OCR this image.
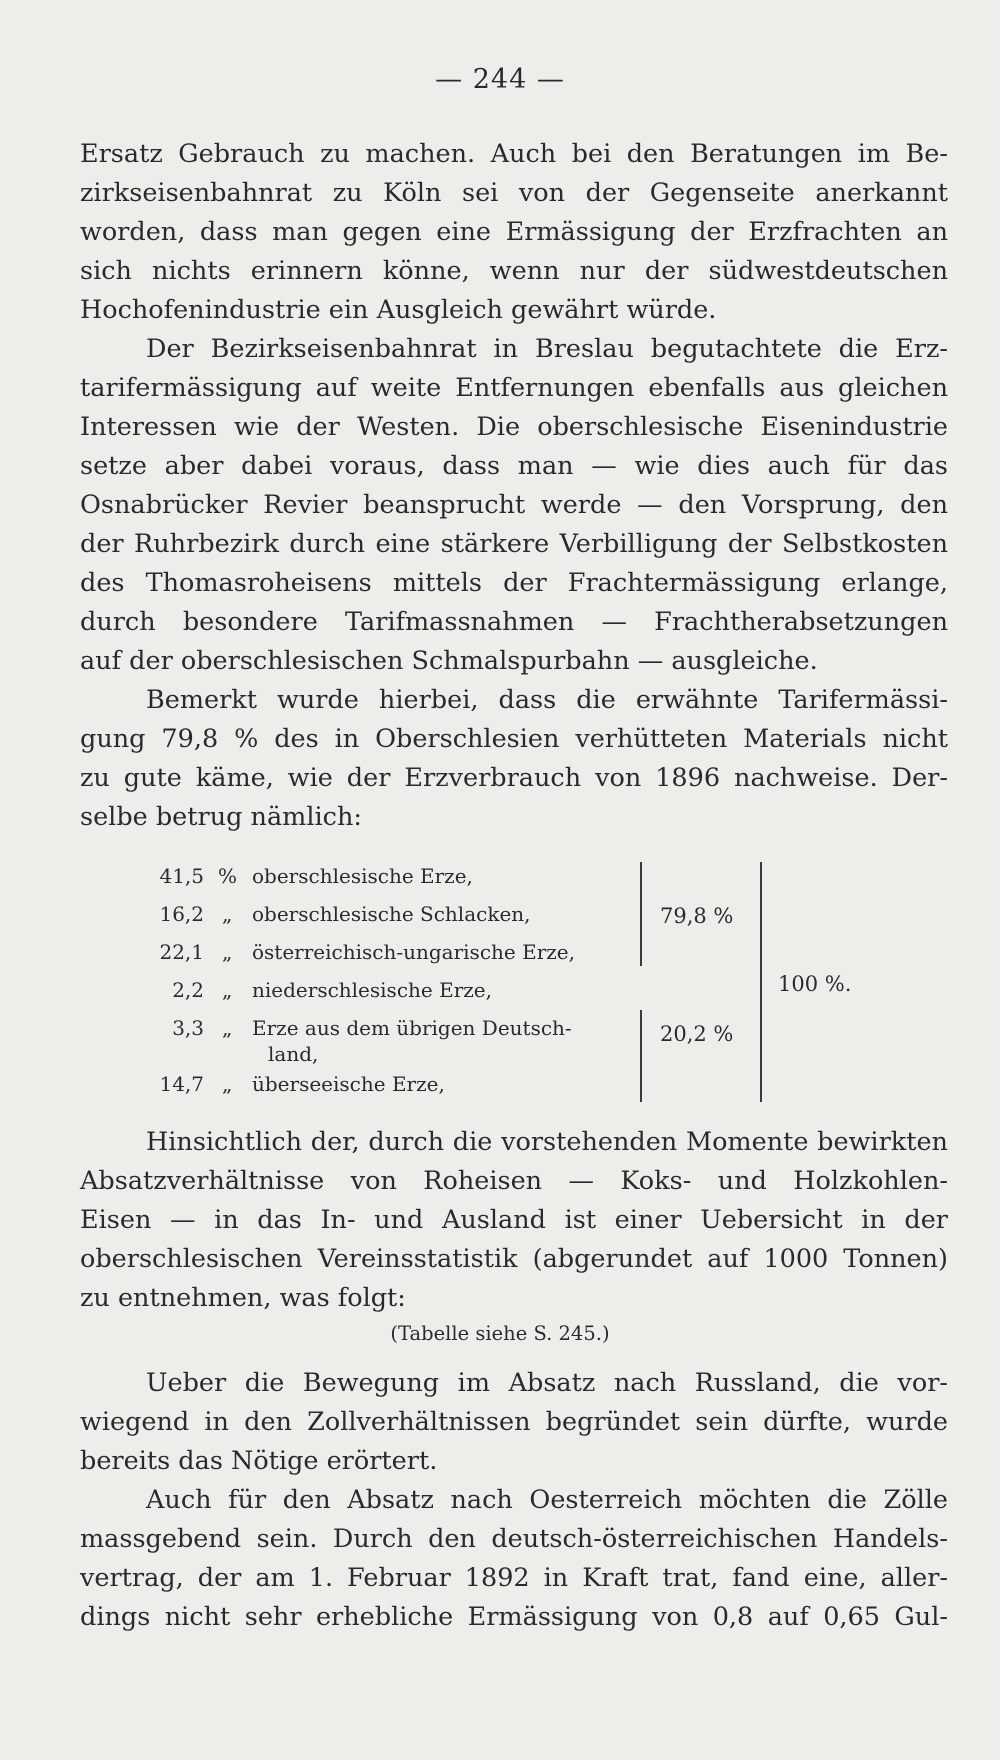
— 244 —
Ersatz Gebrauch zu machen. Auch bei den Beratungen im Be-
zirkseisenbahnrat zu Köln sei von der Gegenseite anerkannt
worden, dass man gegen eine Ermässigung der Erzfrachten an
sich nichts erinnern könne, wenn nur der südwestdeutschen
Hochofenindustrie ein Ausgleich gewährt würde.
Der Bezirkseisenbahnrat in Breslau begutachtete die Erz-
tarifermässigung auf weite Entfernungen ebenfalls aus gleichen
Interessen wie der Westen. Die oberschlesische Eisenindustrie
setze aber dabei voraus, dass man — wie dies auch für das
Osnabrücker Revier beansprucht werde — den Vorsprung, den
der Ruhrbezirk durch eine stärkere Verbilligung der Selbstkosten
des Thomasroheisens mittels der Frachtermässigung erlange,
durch besondere Tarifmassnahmen — Frachtherabsetzungen
auf der oberschlesischen Schmalspurbahn — ausgleiche.
Bemerkt wurde hierbei, dass die erwähnte Tarifermässi-
gung 79,8 % des in Oberschlesien verhütteten Materials nicht
zu gute käme, wie der Erzverbrauch von 1896 nachweise. Der-
selbe betrug nämlich:
41,5 % oberschlesische Erze,
16,2 „ oberschlesische Schlacken,
22,1 „ österreichisch-ungarische Erze,
2,2 „ niederschlesische Erze,
3,3 „ Erze aus dem übrigen Deutsch-
land,
14,7 „ überseeische Erze,
79,8 %
20,2 %
100 %.
Hinsichtlich der, durch die vorstehenden Momente bewirkten
Absatzverhältnisse von Roheisen — Koks- und Holzkohlen-
Eisen — in das In- und Ausland ist einer Uebersicht in der
oberschlesischen Vereinsstatistik (abgerundet auf 1000 Tonnen)
zu entnehmen, was folgt:
(Tabelle siehe S. 245.)
Ueber die Bewegung im Absatz nach Russland, die vor-
wiegend in den Zollverhältnissen begründet sein dürfte, wurde
bereits das Nötige erörtert.
Auch für den Absatz nach Oesterreich möchten die Zölle
massgebend sein. Durch den deutsch-österreichischen Handels-
vertrag, der am 1. Februar 1892 in Kraft trat, fand eine, aller-
dings nicht sehr erhebliche Ermässigung von 0,8 auf 0,65 Gul-
